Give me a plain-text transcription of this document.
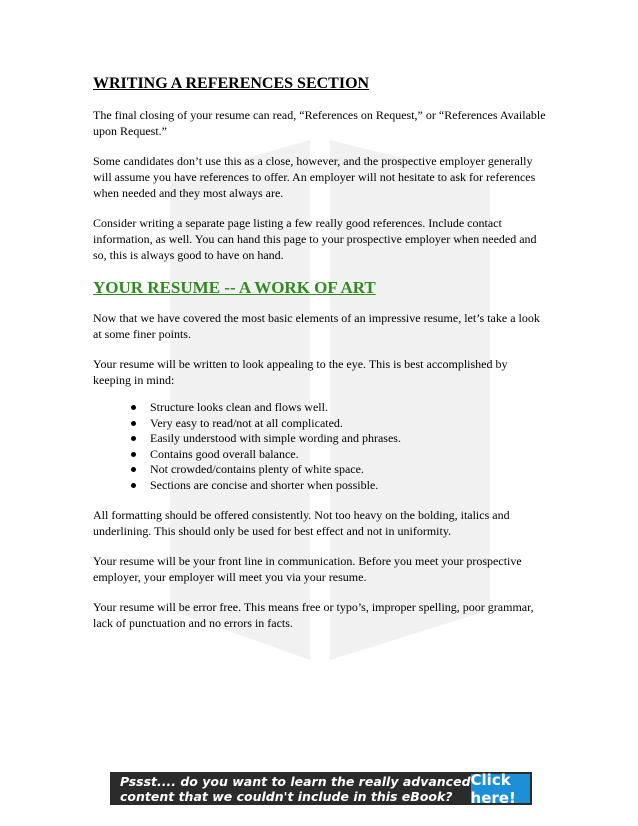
WRITING A REFERENCES SECTION

The final closing of your resume can read, “References on Request,” or “References Available upon Request.”

Some candidates don’t use this as a close, however, and the prospective employer generally will assume you have references to offer. An employer will not hesitate to ask for references when needed and they most always are.

Consider writing a separate page listing a few really good references. Include contact information, as well. You can hand this page to your prospective employer when needed and so, this is always good to have on hand.

YOUR RESUME -- A WORK OF ART

Now that we have covered the most basic elements of an impressive resume, let’s take a look at some finer points.

Your resume will be written to look appealing to the eye. This is best accomplished by keeping in mind:

Structure looks clean and flows well.
Very easy to read/not at all complicated.
Easily understood with simple wording and phrases.
Contains good overall balance.
Not crowded/contains plenty of white space.
Sections are concise and shorter when possible.

All formatting should be offered consistently. Not too heavy on the bolding, italics and underlining. This should only be used for best effect and not in uniformity.

Your resume will be your front line in communication. Before you meet your prospective employer, your employer will meet you via your resume.

Your resume will be error free. This means free or typo’s, improper spelling, poor grammar, lack of punctuation and no errors in facts.

Pssst.... do you want to learn the really advanced
content that we couldn't include in this eBook?
Click here!
